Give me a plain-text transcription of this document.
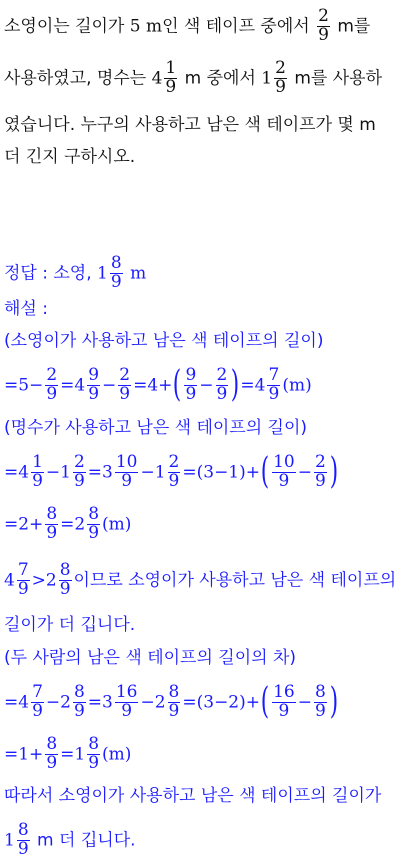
소영이는 길이가 5 m인 색 테이프 중에서 $\frac{2}{9}$ m를
사용하였고, 명수는 $4 \frac{1}{9}$ m 중에서 $1 \frac{2}{9}$ m를 사용하
였습니다. 누구의 사용하고 남은 색 테이프가 몇 m
더 긴지 구하시오.
정답 : 소영, $1 \frac{8}{9}$ m
해설 :
(소영이가 사용하고 남은 색 테이프의 길이)
$=5- \frac{2}{9} =4 \frac{9}{9} - \frac{2}{9} =4+( \frac{9}{9} - \frac{2}{9} )=4 \frac{7}{9} (m)$
(명수가 사용하고 남은 색 테이프의 길이)
$=4 \frac{1}{9} -1 \frac{2}{9} =3 \frac{10}{9} -1 \frac{2}{9} =(3-1)+( \frac{10}{9} - \frac{2}{9}$ )
$=2+ \frac{8}{9} =2 \frac{8}{9} (m)$
$4 \frac{7}{9} >2 \frac{8}{9}$ 이므로 소영이가 사용하고 남은 색 테이프의
길이가 더 깁니다.
(두 사람의 남은 색 테이프의 길이의 차)
$=4 \frac{7}{9} -2 \frac{8}{9} =3 \frac{16}{9} -2 \frac{8}{9} =(3-2)+( \frac{16}{9} - \frac{8}{9}$ )
$=1+ \frac{8}{9} =1 \frac{8}{9} (m)$
따라서 소영이가 사용하고 남은 색 테이프의 길이가
$1 \frac{8}{9}$ m 더 깁니다.
